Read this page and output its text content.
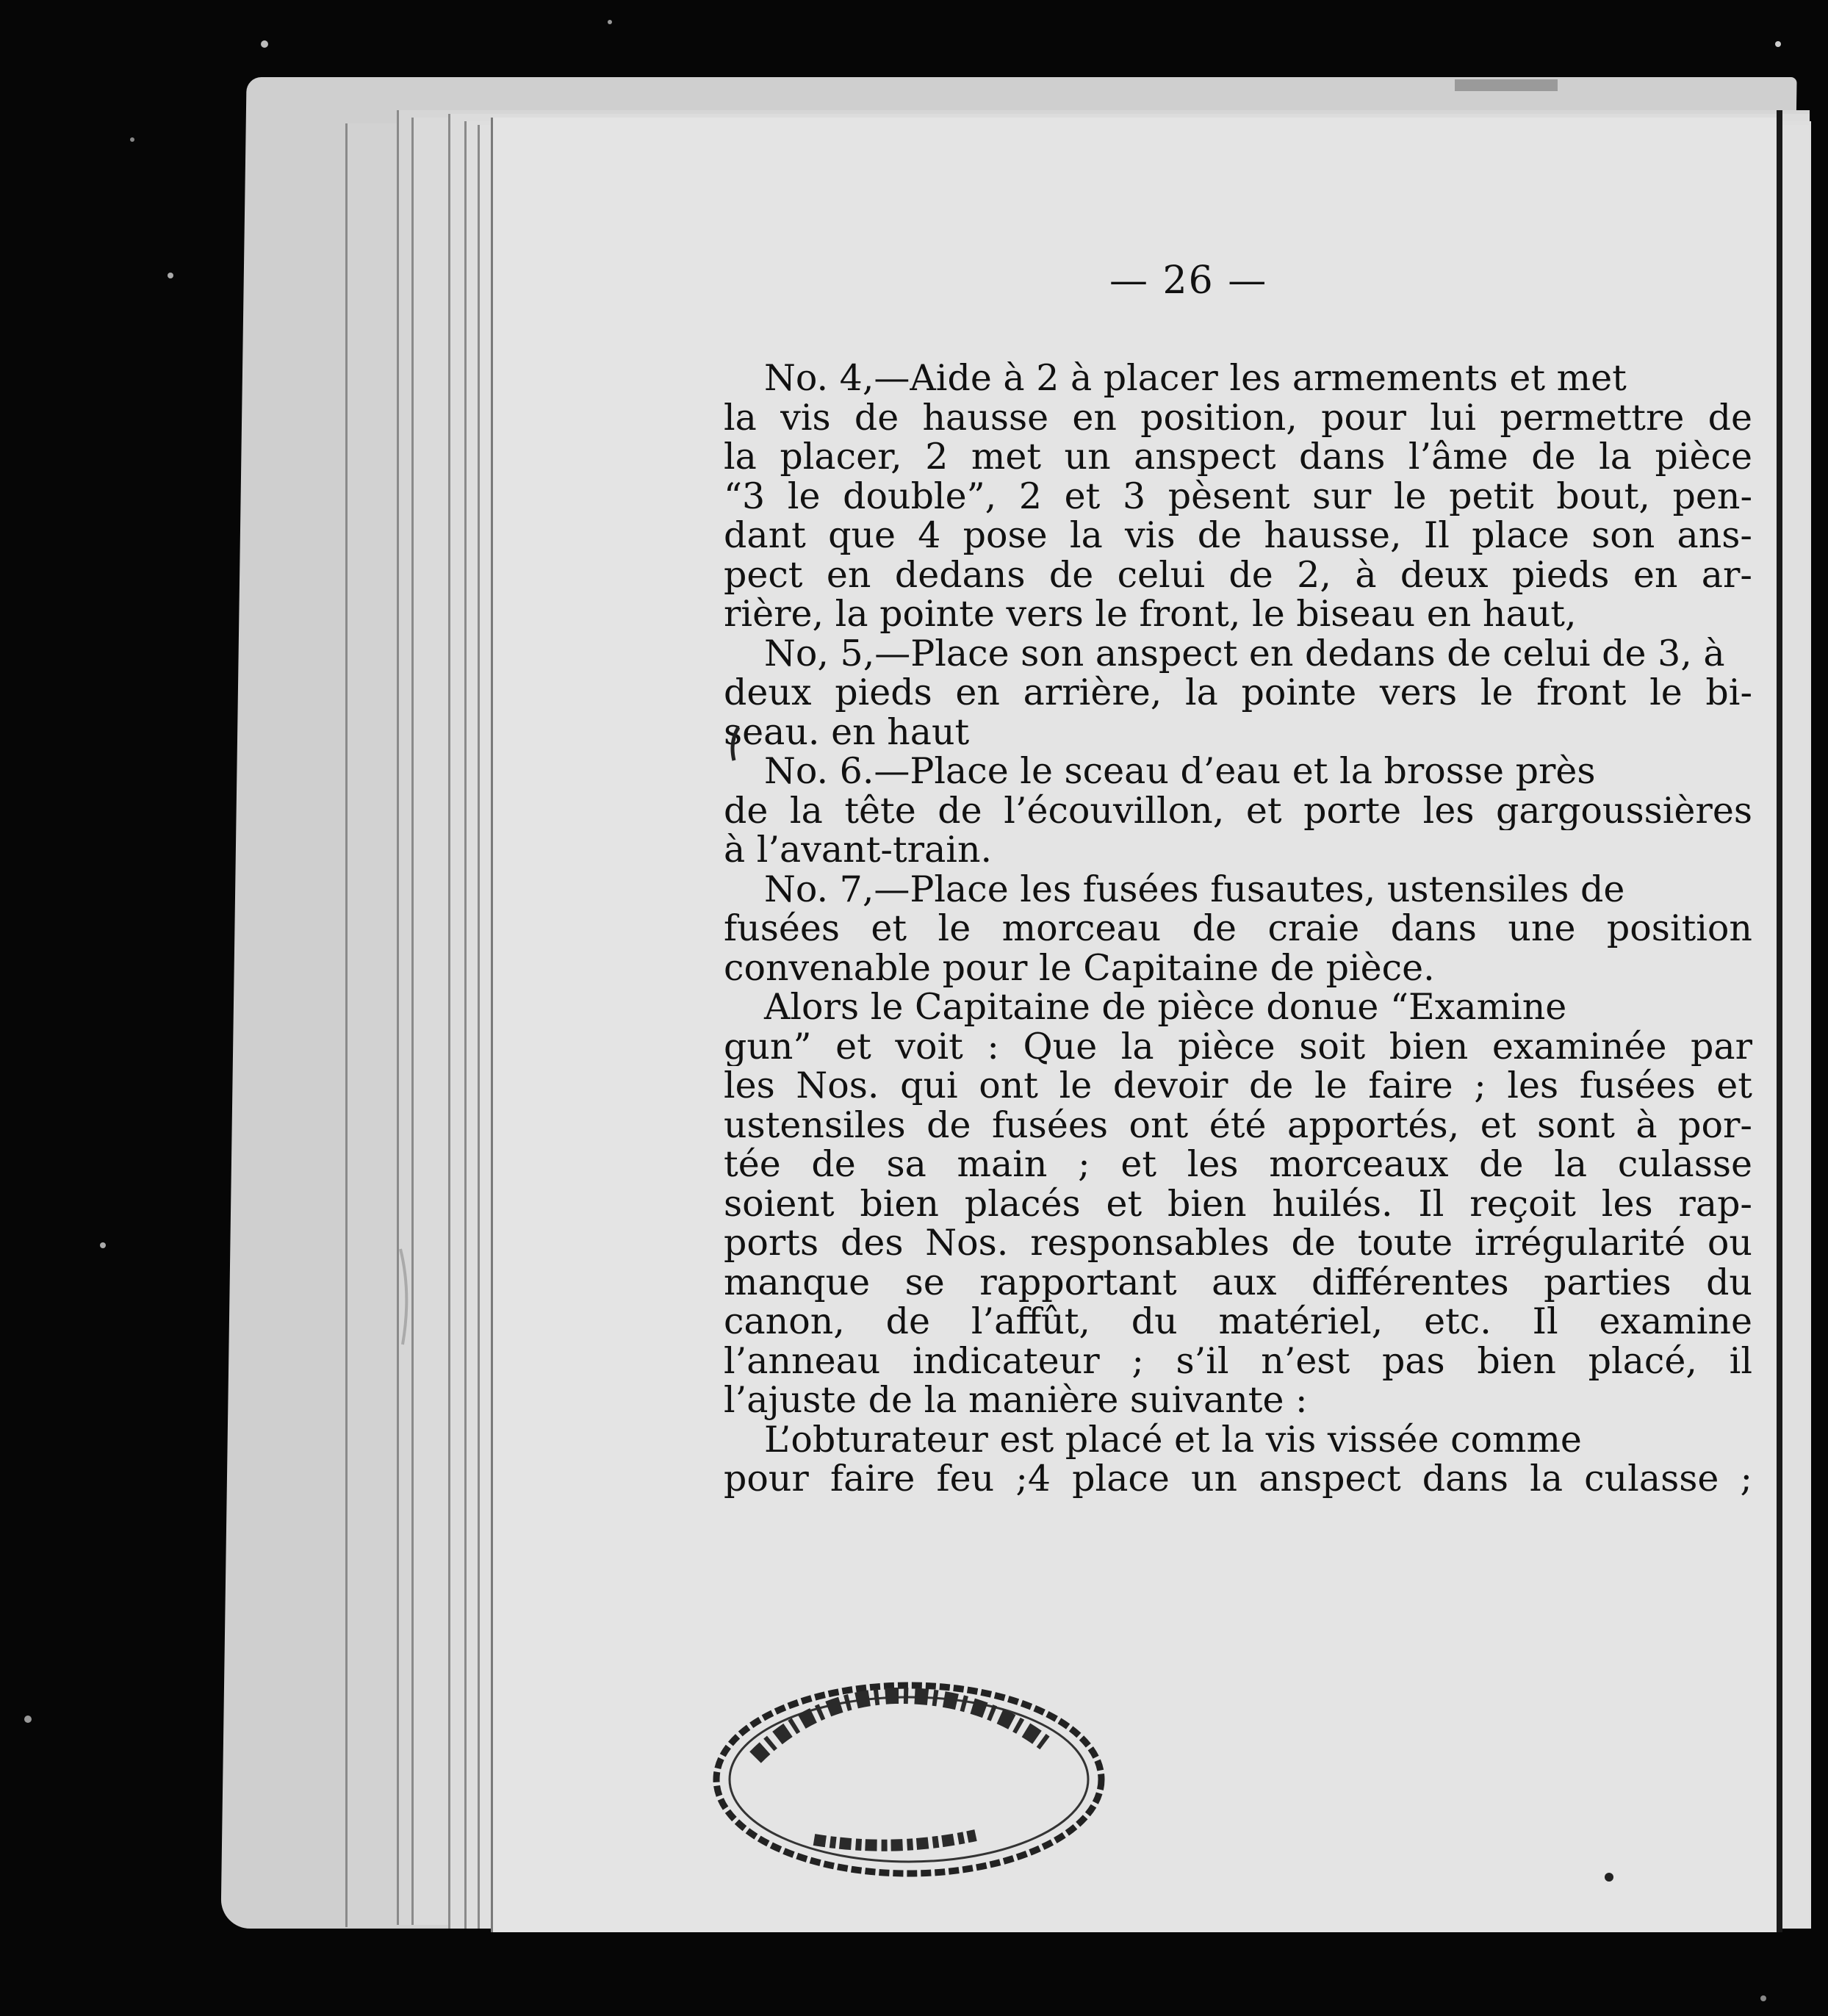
— 26 —
No. 4,—Aide à 2 à placer les armements et met
la vis de hausse en position, pour lui permettre de
la placer, 2 met un anspect dans l’âme de la pièce
“3 le double”, 2 et 3 pèsent sur le petit bout, pen-
dant que 4 pose la vis de hausse, Il place son ans-
pect en dedans de celui de 2, à deux pieds en ar-
rière, la pointe vers le front, le biseau en haut,
No, 5,—Place son anspect en dedans de celui de 3, à
deux pieds en arrière, la pointe vers le front le bi-
seau. en haut
No. 6.—Place le sceau d’eau et la brosse près
de la tête de l’écouvillon, et porte les gargoussières
à l’avant-train.
No. 7,—Place les fusées fusautes, ustensiles de
fusées et le morceau de craie dans une position
convenable pour le Capitaine de pièce.
Alors le Capitaine de pièce donue “Examine
gun” et voit : Que la pièce soit bien examinée par
les Nos. qui ont le devoir de le faire ; les fusées et
ustensiles de fusées ont été apportés, et sont à por-
tée de sa main ; et les morceaux de la culasse
soient bien placés et bien huilés. Il reçoit les rap-
ports des Nos. responsables de toute irrégularité ou
manque se rapportant aux différentes parties du
canon, de l’affût, du matériel, etc. Il examine
l’anneau indicateur ; s’il n’est pas bien placé, il
l’ajuste de la manière suivante :
L’obturateur est placé et la vis vissée comme
pour faire feu ;4 place un anspect dans la culasse ;
